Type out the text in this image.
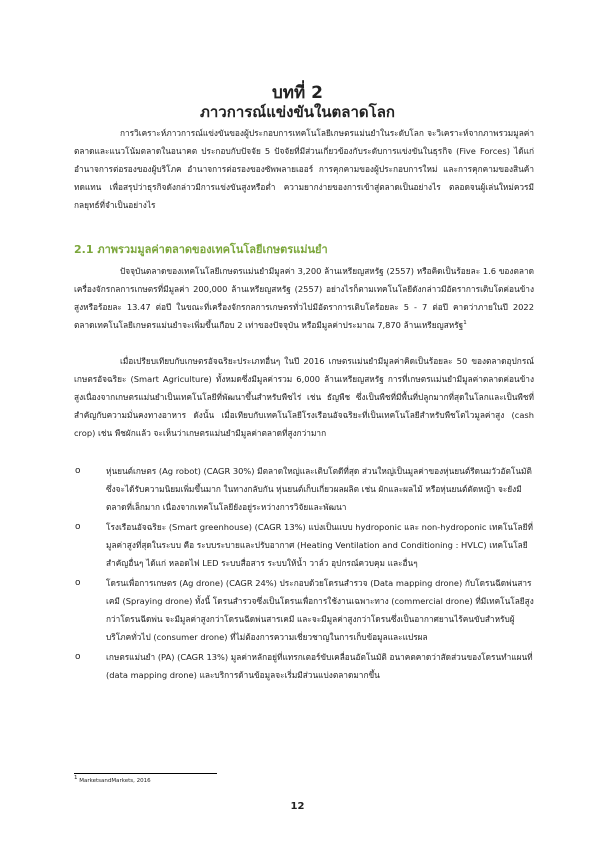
บทที่ 2
ภาวการณ์แข่งขันในตลาดโลก
การวิเคราะห์ภาวการณ์แข่งขันของผู้ประกอบการเทคโนโลยีเกษตรแม่นยำในระดับโลก จะวิเคราะห์จากภาพรวมมูลค่าตลาดและแนวโน้มตลาดในอนาคต ประกอบกับปัจจัย 5 ปัจจัยที่มีส่วนเกี่ยวข้องกับระดับการแข่งขันในธุรกิจ (Five Forces) ได้แก่ อำนาจการต่อรองของผู้บริโภค อำนาจการต่อรองของซัพพลายเออร์ การคุกคามของผู้ประกอบการใหม่ และการคุกคามของสินค้าทดแทน เพื่อสรุปว่าธุรกิจดังกล่าวมีการแข่งขันสูงหรือต่ำ ความยากง่ายของการเข้าสู่ตลาดเป็นอย่างไร ตลอดจนผู้เล่นใหม่ควรมีกลยุทธ์ที่จำเป็นอย่างไร
2.1 ภาพรวมมูลค่าตลาดของเทคโนโลยีเกษตรแม่นยำ
ปัจจุบันตลาดของเทคโนโลยีเกษตรแม่นยำมีมูลค่า 3,200 ล้านเหรียญสหรัฐ (2557) หรือคิดเป็นร้อยละ 1.6 ของตลาดเครื่องจักรกลการเกษตรที่มีมูลค่า 200,000 ล้านเหรียญสหรัฐ (2557) อย่างไรก็ตามเทคโนโลยีดังกล่าวมีอัตราการเติบโตค่อนข้างสูงหรือร้อยละ 13.47 ต่อปี ในขณะที่เครื่องจักรกลการเกษตรทั่วไปมีอัตราการเติบโตร้อยละ 5 - 7 ต่อปี คาดว่าภายในปี 2022 ตลาดเทคโนโลยีเกษตรแม่นยำจะเพิ่มขึ้นเกือบ 2 เท่าของปัจจุบัน หรือมีมูลค่าประมาณ 7,870 ล้านเหรียญสหรัฐ$^1$
เมื่อเปรียบเทียบกับเกษตรอัจฉริยะประเภทอื่นๆ ในปี 2016 เกษตรแม่นยำมีมูลค่าคิดเป็นร้อยละ 50 ของตลาดอุปกรณ์เกษตรอัจฉริยะ (Smart Agriculture) ทั้งหมดซึ่งมีมูลค่ารวม 6,000 ล้านเหรียญสหรัฐ การที่เกษตรแม่นยำมีมูลค่าตลาดค่อนข้างสูงเนื่องจากเกษตรแม่นยำเป็นเทคโนโลยีที่พัฒนาขึ้นสำหรับพืชไร่ เช่น ธัญพืช ซึ่งเป็นพืชที่มีพื้นที่ปลูกมากที่สุดในโลกและเป็นพืชที่สำคัญกับความมั่นคงทางอาหาร ดังนั้น เมื่อเทียบกับเทคโนโลยีโรงเรือนอัจฉริยะที่เป็นเทคโนโลยีสำหรับพืชโตไวมูลค่าสูง (cash crop) เช่น พืชผักแล้ว จะเห็นว่าเกษตรแม่นยำมีมูลค่าตลาดที่สูงกว่ามาก
o	หุ่นยนต์เกษตร (Ag robot) (CAGR 30%) มีตลาดใหญ่และเติบโตดีที่สุด ส่วนใหญ่เป็นมูลค่าของหุ่นยนต์รีดนมวัวอัตโนมัติซึ่งจะได้รับความนิยมเพิ่มขึ้นมาก ในทางกลับกัน หุ่นยนต์เก็บเกี่ยวผลผลิต เช่น ผักและผลไม้ หรือหุ่นยนต์ตัดหญ้า จะยังมีตลาดที่เล็กมาก เนื่องจากเทคโนโลยียังอยู่ระหว่างการวิจัยและพัฒนา
o	โรงเรือนอัจฉริยะ (Smart greenhouse) (CAGR 13%) แบ่งเป็นแบบ hydroponic และ non-hydroponic เทคโนโลยีที่มูลค่าสูงที่สุดในระบบ คือ ระบบระบายและปรับอากาศ (Heating Ventilation and Conditioning : HVLC) เทคโนโลยีสำคัญอื่นๆ ได้แก่ หลอดไฟ LED ระบบสื่อสาร ระบบให้น้ำ วาล์ว อุปกรณ์ควบคุม และอื่นๆ
o	โดรนเพื่อการเกษตร (Ag drone) (CAGR 24%) ประกอบด้วยโดรนสำรวจ (Data mapping drone) กับโดรนฉีดพ่นสารเคมี (Spraying drone) ทั้งนี้ โดรนสำรวจซึ่งเป็นโดรนเพื่อการใช้งานเฉพาะทาง (commercial drone) ที่มีเทคโนโลยีสูงกว่าโดรนฉีดพ่น จะมีมูลค่าสูงกว่าโดรนฉีดพ่นสารเคมี และจะมีมูลค่าสูงกว่าโดรนซึ่งเป็นอากาศยานไร้คนขับสำหรับผู้บริโภคทั่วไป (consumer drone) ที่ไม่ต้องการความเชี่ยวชาญในการเก็บข้อมูลและแปรผล
o	เกษตรแม่นยำ (PA) (CAGR 13%) มูลค่าหลักอยู่ที่แทรกเตอร์ขับเคลื่อนอัตโนมัติ อนาคตคาดว่าสัดส่วนของโดรนทำแผนที่ (data mapping drone) และบริการด้านข้อมูลจะเริ่มมีส่วนแบ่งตลาดมากขึ้น
$^1$ MarketsandMarkets, 2016
12
